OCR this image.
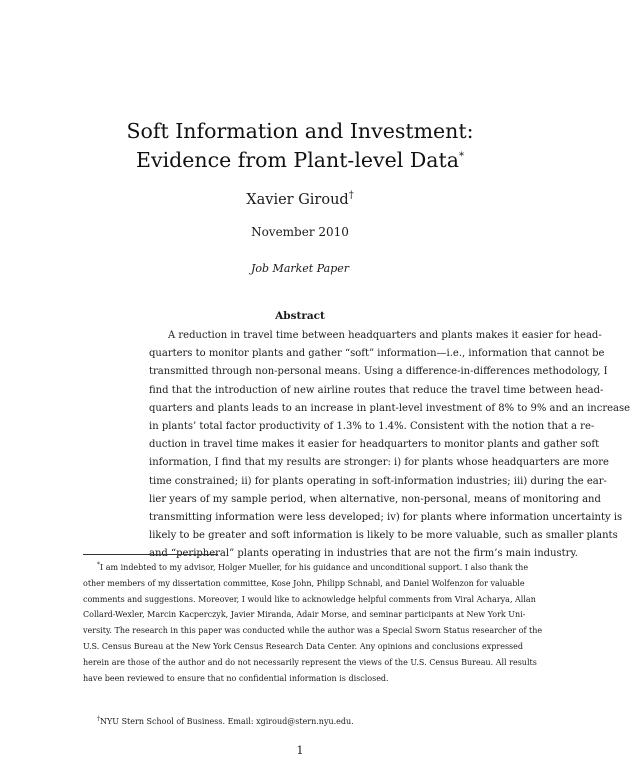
Soft Information and Investment:
Evidence from Plant-level Data*
Xavier Giroud†
November 2010
Job Market Paper
Abstract
A reduction in travel time between headquarters and plants makes it easier for head-
quarters to monitor plants and gather “soft” information—i.e., information that cannot be
transmitted through non-personal means. Using a difference-in-differences methodology, I
find that the introduction of new airline routes that reduce the travel time between head-
quarters and plants leads to an increase in plant-level investment of 8% to 9% and an increase
in plants’ total factor productivity of 1.3% to 1.4%. Consistent with the notion that a re-
duction in travel time makes it easier for headquarters to monitor plants and gather soft
information, I find that my results are stronger: i) for plants whose headquarters are more
time constrained; ii) for plants operating in soft-information industries; iii) during the ear-
lier years of my sample period, when alternative, non-personal, means of monitoring and
transmitting information were less developed; iv) for plants where information uncertainty is
likely to be greater and soft information is likely to be more valuable, such as smaller plants
and “peripheral” plants operating in industries that are not the firm’s main industry.
*I am indebted to my advisor, Holger Mueller, for his guidance and unconditional support. I also thank the
other members of my dissertation committee, Kose John, Philipp Schnabl, and Daniel Wolfenzon for valuable
comments and suggestions. Moreover, I would like to acknowledge helpful comments from Viral Acharya, Allan
Collard-Wexler, Marcin Kacperczyk, Javier Miranda, Adair Morse, and seminar participants at New York Uni-
versity. The research in this paper was conducted while the author was a Special Sworn Status researcher of the
U.S. Census Bureau at the New York Census Research Data Center. Any opinions and conclusions expressed
herein are those of the author and do not necessarily represent the views of the U.S. Census Bureau. All results
have been reviewed to ensure that no confidential information is disclosed.
†NYU Stern School of Business. Email: xgiroud@stern.nyu.edu.
1
